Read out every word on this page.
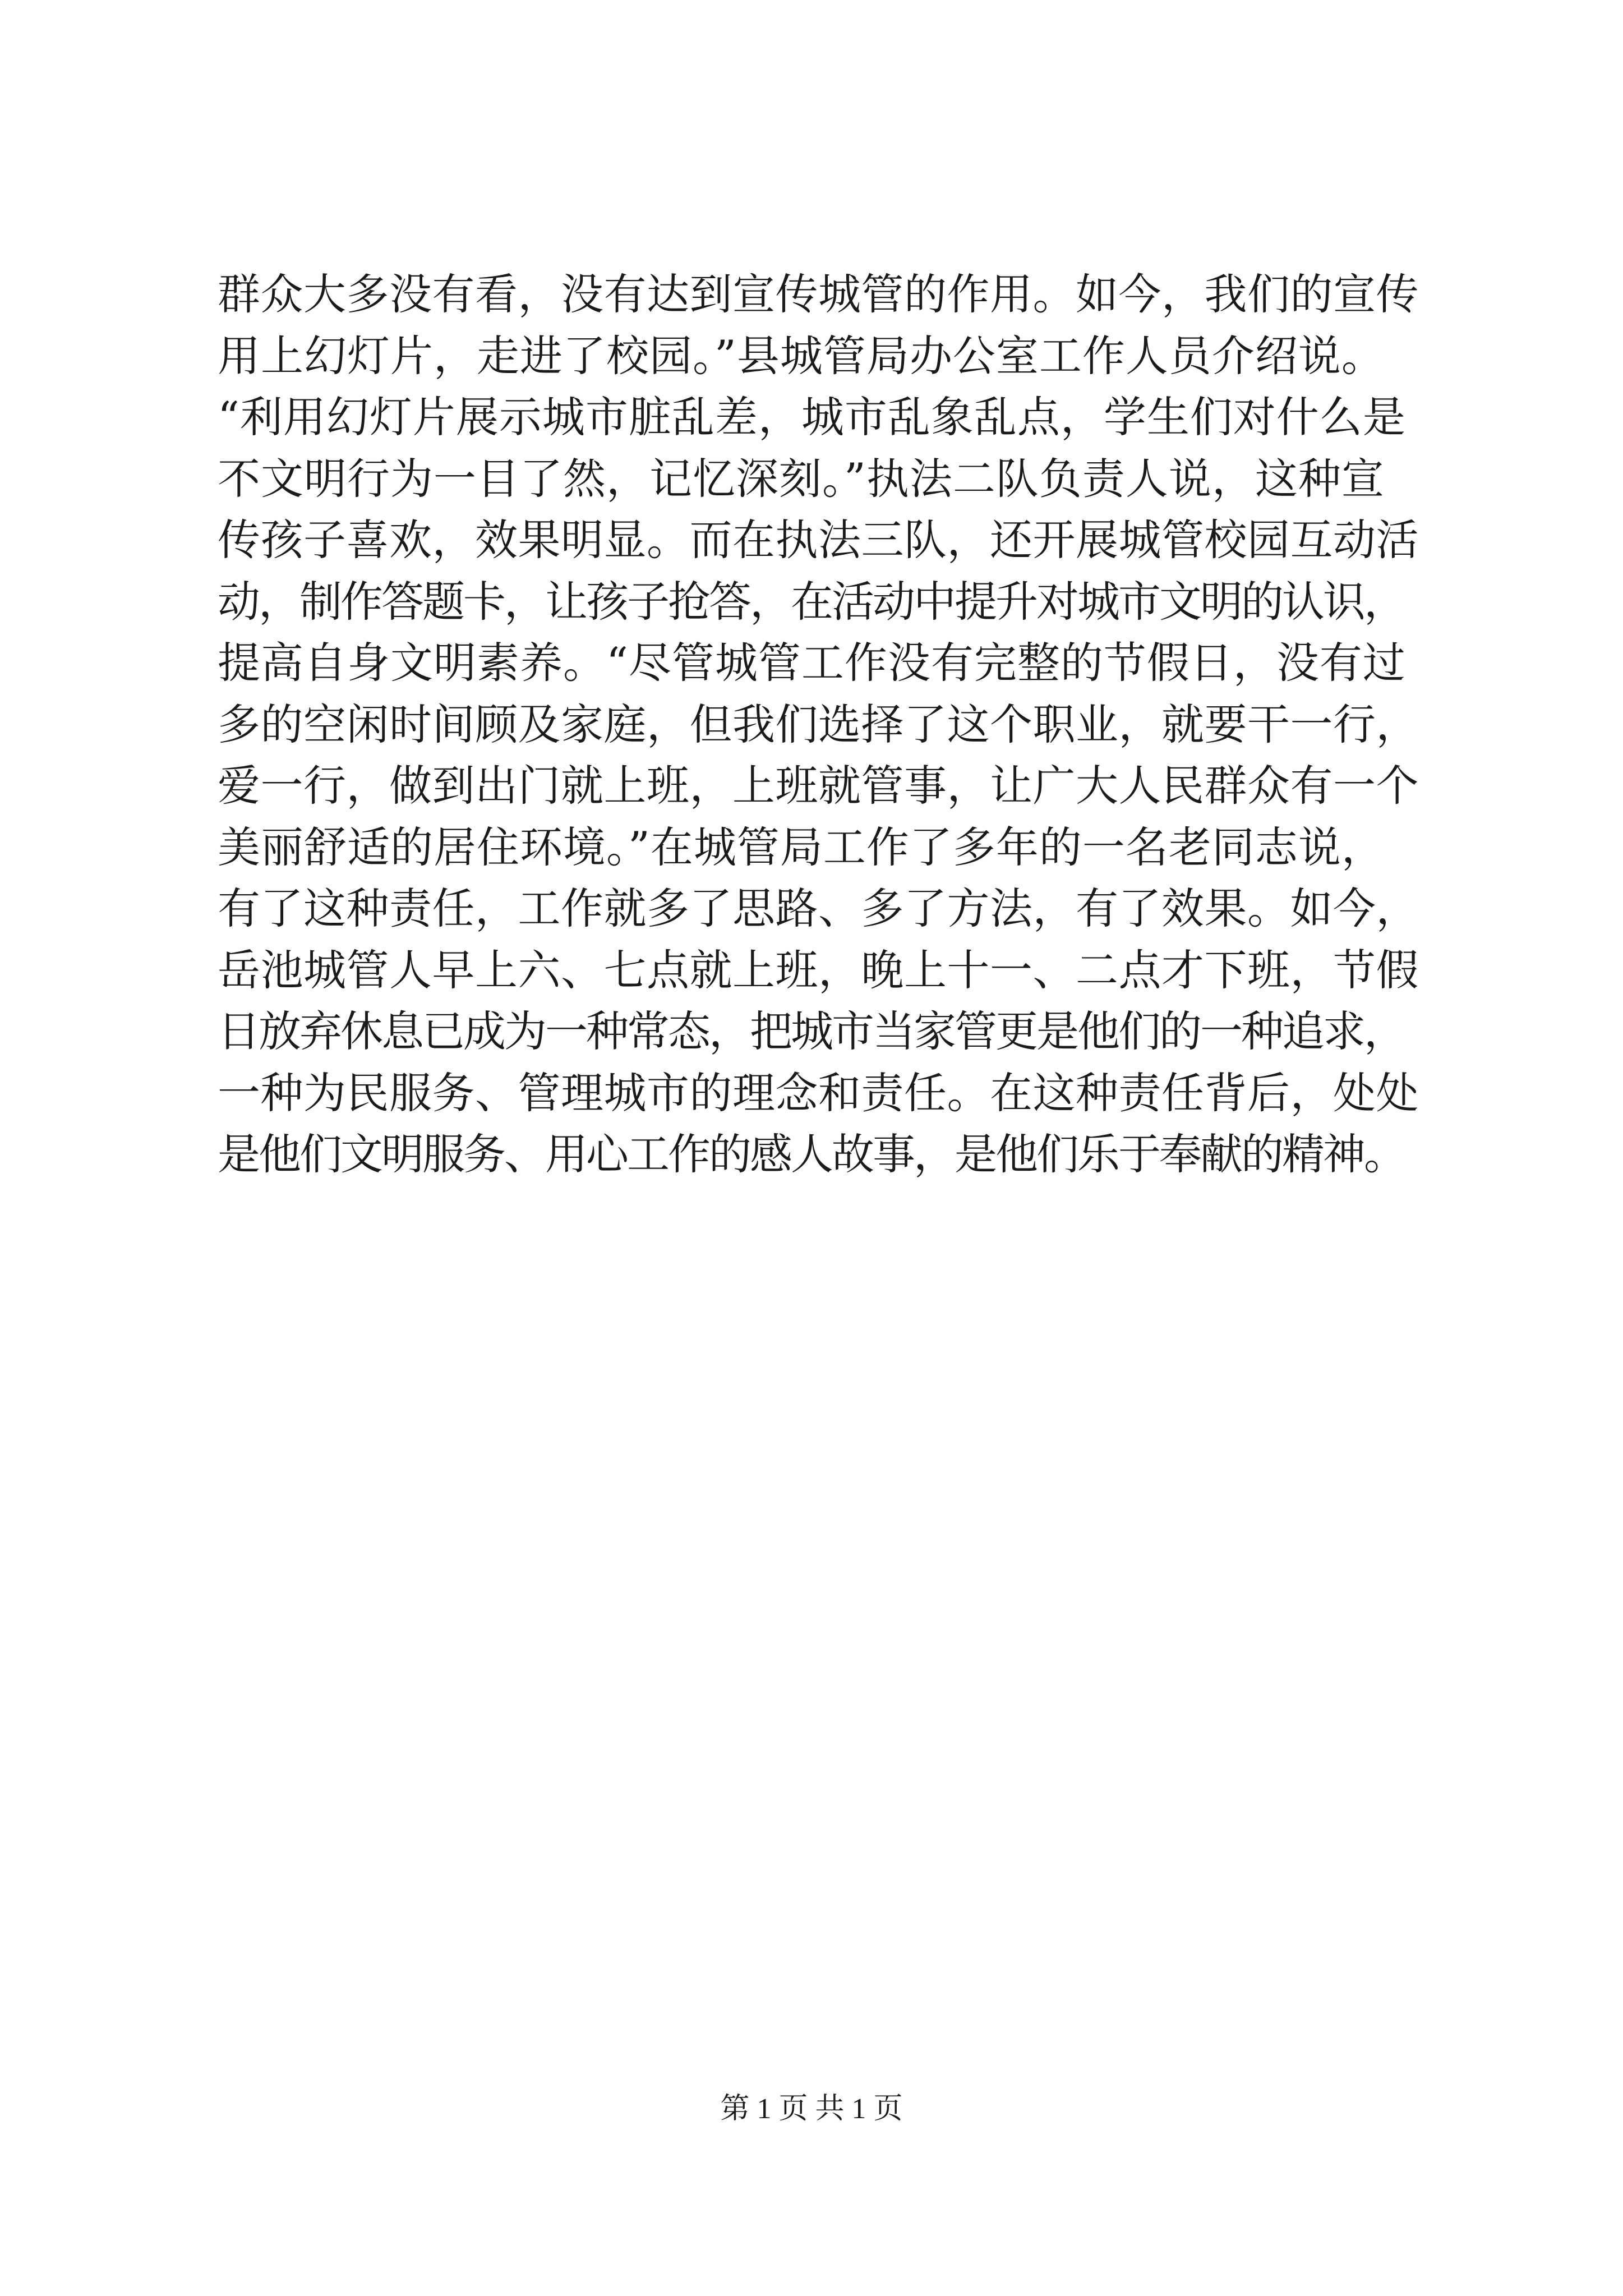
群众大多没有看，没有达到宣传城管的作用。如今，我们的宣传
用上幻灯片，走进了校园。”县城管局办公室工作人员介绍说。
“利用幻灯片展示城市脏乱差，城市乱象乱点，学生们对什么是
不文明行为一目了然，记忆深刻。”执法二队负责人说，这种宣
传孩子喜欢，效果明显。而在执法三队，还开展城管校园互动活
动，制作答题卡，让孩子抢答，在活动中提升对城市文明的认识，
提高自身文明素养。“尽管城管工作没有完整的节假日，没有过
多的空闲时间顾及家庭，但我们选择了这个职业，就要干一行，
爱一行，做到出门就上班，上班就管事，让广大人民群众有一个
美丽舒适的居住环境。”在城管局工作了多年的一名老同志说，
有了这种责任，工作就多了思路、多了方法，有了效果。如今，
岳池城管人早上六、七点就上班，晚上十一、二点才下班，节假
日放弃休息已成为一种常态，把城市当家管更是他们的一种追求，
一种为民服务、管理城市的理念和责任。在这种责任背后，处处
是他们文明服务、用心工作的感人故事，是他们乐于奉献的精神。
第 1 页 共 1 页
